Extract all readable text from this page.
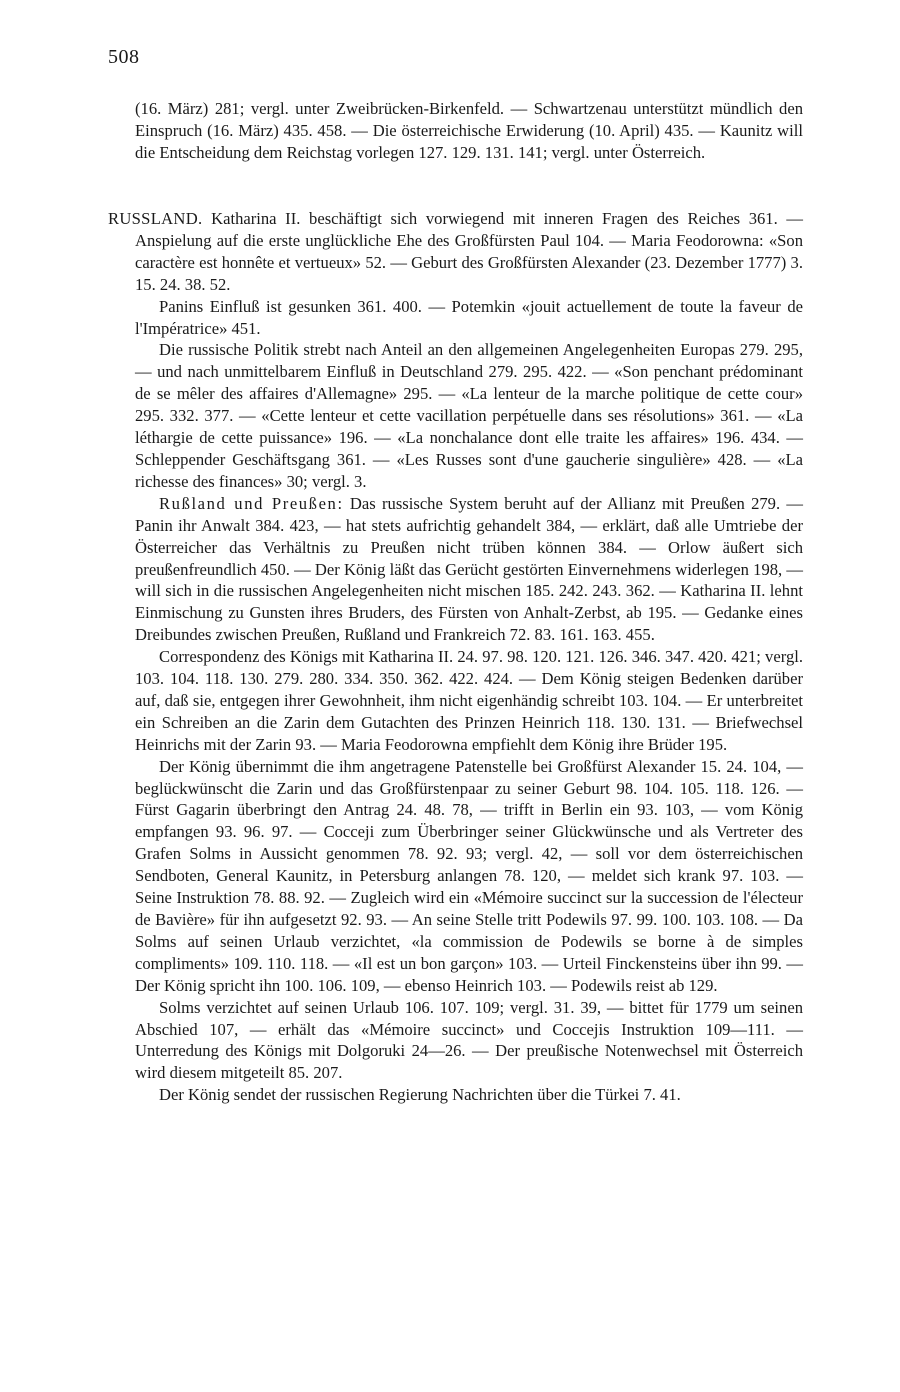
508

(16. März) 281; vergl. unter Zweibrücken-Birkenfeld. — Schwartzenau unterstützt mündlich den Einspruch (16. März) 435. 458. — Die österreichische Erwiderung (10. April) 435. — Kaunitz will die Entscheidung dem Reichstag vorlegen 127. 129. 131. 141; vergl. unter Österreich.

RUSSLAND. Katharina II. beschäftigt sich vorwiegend mit inneren Fragen des Reiches 361. — Anspielung auf die erste unglückliche Ehe des Großfürsten Paul 104. — Maria Feodorowna: «Son caractère est honnête et vertueux» 52. — Geburt des Großfürsten Alexander (23. Dezember 1777) 3. 15. 24. 38. 52.

Panins Einfluß ist gesunken 361. 400. — Potemkin «jouit actuellement de toute la faveur de l'Impératrice» 451.

Die russische Politik strebt nach Anteil an den allgemeinen Angelegenheiten Europas 279. 295, — und nach unmittelbarem Einfluß in Deutschland 279. 295. 422. — «Son penchant prédominant de se mêler des affaires d'Allemagne» 295. — «La lenteur de la marche politique de cette cour» 295. 332. 377. — «Cette lenteur et cette vacillation perpétuelle dans ses résolutions» 361. — «La léthargie de cette puissance» 196. — «La nonchalance dont elle traite les affaires» 196. 434. — Schleppender Geschäftsgang 361. — «Les Russes sont d'une gaucherie singulière» 428. — «La richesse des finances» 30; vergl. 3.

Rußland und Preußen: Das russische System beruht auf der Allianz mit Preußen 279. — Panin ihr Anwalt 384. 423, — hat stets aufrichtig gehandelt 384, — erklärt, daß alle Umtriebe der Österreicher das Verhältnis zu Preußen nicht trüben können 384. — Orlow äußert sich preußenfreundlich 450. — Der König läßt das Gerücht gestörten Einvernehmens widerlegen 198, — will sich in die russischen Angelegenheiten nicht mischen 185. 242. 243. 362. — Katharina II. lehnt Einmischung zu Gunsten ihres Bruders, des Fürsten von Anhalt-Zerbst, ab 195. — Gedanke eines Dreibundes zwischen Preußen, Rußland und Frankreich 72. 83. 161. 163. 455.

Correspondenz des Königs mit Katharina II. 24. 97. 98. 120. 121. 126. 346. 347. 420. 421; vergl. 103. 104. 118. 130. 279. 280. 334. 350. 362. 422. 424. — Dem König steigen Bedenken darüber auf, daß sie, entgegen ihrer Gewohnheit, ihm nicht eigenhändig schreibt 103. 104. — Er unterbreitet ein Schreiben an die Zarin dem Gutachten des Prinzen Heinrich 118. 130. 131. — Briefwechsel Heinrichs mit der Zarin 93. — Maria Feodorowna empfiehlt dem König ihre Brüder 195.

Der König übernimmt die ihm angetragene Patenstelle bei Großfürst Alexander 15. 24. 104, — beglückwünscht die Zarin und das Großfürstenpaar zu seiner Geburt 98. 104. 105. 118. 126. — Fürst Gagarin überbringt den Antrag 24. 48. 78, — trifft in Berlin ein 93. 103, — vom König empfangen 93. 96. 97. — Cocceji zum Überbringer seiner Glückwünsche und als Vertreter des Grafen Solms in Aussicht genommen 78. 92. 93; vergl. 42, — soll vor dem österreichischen Sendboten, General Kaunitz, in Petersburg anlangen 78. 120, — meldet sich krank 97. 103. — Seine Instruktion 78. 88. 92. — Zugleich wird ein «Mémoire succinct sur la succession de l'électeur de Bavière» für ihn aufgesetzt 92. 93. — An seine Stelle tritt Podewils 97. 99. 100. 103. 108. — Da Solms auf seinen Urlaub verzichtet, «la commission de Podewils se borne à de simples compliments» 109. 110. 118. — «Il est un bon garçon» 103. — Urteil Finckensteins über ihn 99. — Der König spricht ihn 100. 106. 109, — ebenso Heinrich 103. — Podewils reist ab 129.

Solms verzichtet auf seinen Urlaub 106. 107. 109; vergl. 31. 39, — bittet für 1779 um seinen Abschied 107, — erhält das «Mémoire succinct» und Coccejis Instruktion 109—111. — Unterredung des Königs mit Dolgoruki 24—26. — Der preußische Notenwechsel mit Österreich wird diesem mitgeteilt 85. 207.

Der König sendet der russischen Regierung Nachrichten über die Türkei 7. 41.
